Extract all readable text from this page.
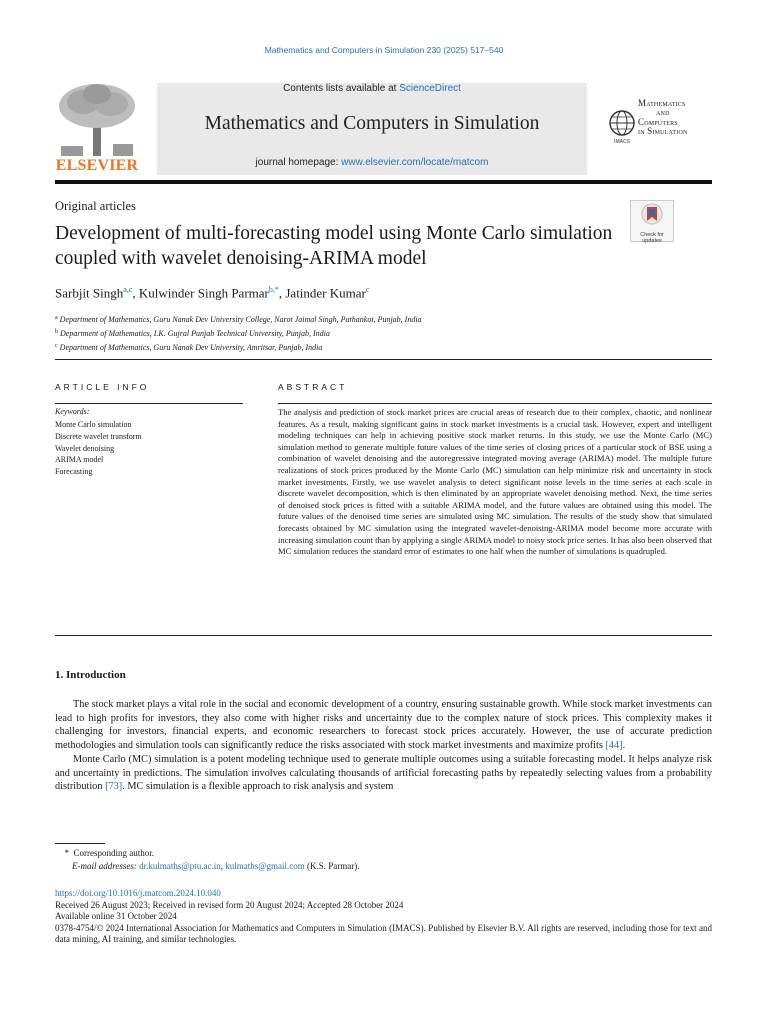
Mathematics and Computers in Simulation 230 (2025) 517–540
ELSEVIER
Contents lists available at ScienceDirect
Mathematics and Computers in Simulation
journal homepage: www.elsevier.com/locate/matcom
IMACS
Mathematics
and
Computers
in Simulation
Original articles
Check for updates
Development of multi-forecasting model using Monte Carlo simulation coupled with wavelet denoising-ARIMA model
Sarbjit Singh$^{a,c}$, Kulwinder Singh Parmar$^{b,*}$, Jatinder Kumar$^c$
$^a$ Department of Mathematics, Guru Nanak Dev University College, Narot Jaimal Singh, Pathankot, Punjab, India
$^b$ Department of Mathematics, I.K. Gujral Punjab Technical University, Punjab, India
$^c$ Department of Mathematics, Guru Nanak Dev University, Amritsar, Punjab, India
ARTICLE INFO	ABSTRACT
Keywords:
Monte Carlo simulation
Discrete wavelet transform
Wavelet denoising
ARIMA model
Forecasting
The analysis and prediction of stock market prices are crucial areas of research due to their complex, chaotic, and nonlinear features. As a result, making significant gains in stock market investments is a crucial task. However, expert and intelligent modeling techniques can help in achieving positive stock market returns. In this study, we use the Monte Carlo (MC) simulation method to generate multiple future values of the time series of closing prices of a particular stock of BSE using a combination of wavelet denoising and the autoregressive integrated moving average (ARIMA) model. The multiple future realizations of stock prices produced by the Monte Carlo (MC) simulation can help minimize risk and uncertainty in stock market investments. Firstly, we use wavelet analysis to detect significant noise levels in the time series at each scale in discrete wavelet decomposition, which is then eliminated by an appropriate wavelet denoising method. Next, the time series of denoised stock prices is fitted with a suitable ARIMA model, and the future values are obtained using this model. The future values of the denoised time series are simulated using MC simulation. The results of the study show that simulated forecasts obtained by MC simulation using the integrated wavelet-denoising-ARIMA model become more accurate with increasing simulation count than by applying a single ARIMA model to noisy stock price series. It has also been observed that MC simulation reduces the standard error of estimates to one half when the number of simulations is quadrupled.
1. Introduction

The stock market plays a vital role in the social and economic development of a country, ensuring sustainable growth. While stock market investments can lead to high profits for investors, they also come with higher risks and uncertainty due to the complex nature of stock prices. This complexity makes it challenging for investors, financial experts, and economic researchers to forecast stock prices accurately. However, the use of accurate prediction methodologies and simulation tools can significantly reduce the risks associated with stock market investments and maximize profits [44].

Monte Carlo (MC) simulation is a potent modeling technique used to generate multiple outcomes using a suitable forecasting model. It helps analyze risk and uncertainty in predictions. The simulation involves calculating thousands of artificial forecasting paths by repeatedly selecting values from a probability distribution [73]. MC simulation is a flexible approach to risk analysis and system

*  Corresponding author.
E-mail addresses: dr.kulmaths@ptu.ac.in, kulmaths@gmail.com (K.S. Parmar).
https://doi.org/10.1016/j.matcom.2024.10.040
Received 26 August 2023; Received in revised form 20 August 2024; Accepted 28 October 2024
Available online 31 October 2024
0378-4754/© 2024 International Association for Mathematics and Computers in Simulation (IMACS). Published by Elsevier B.V. All rights are reserved, including those for text and data mining, AI training, and similar technologies.
